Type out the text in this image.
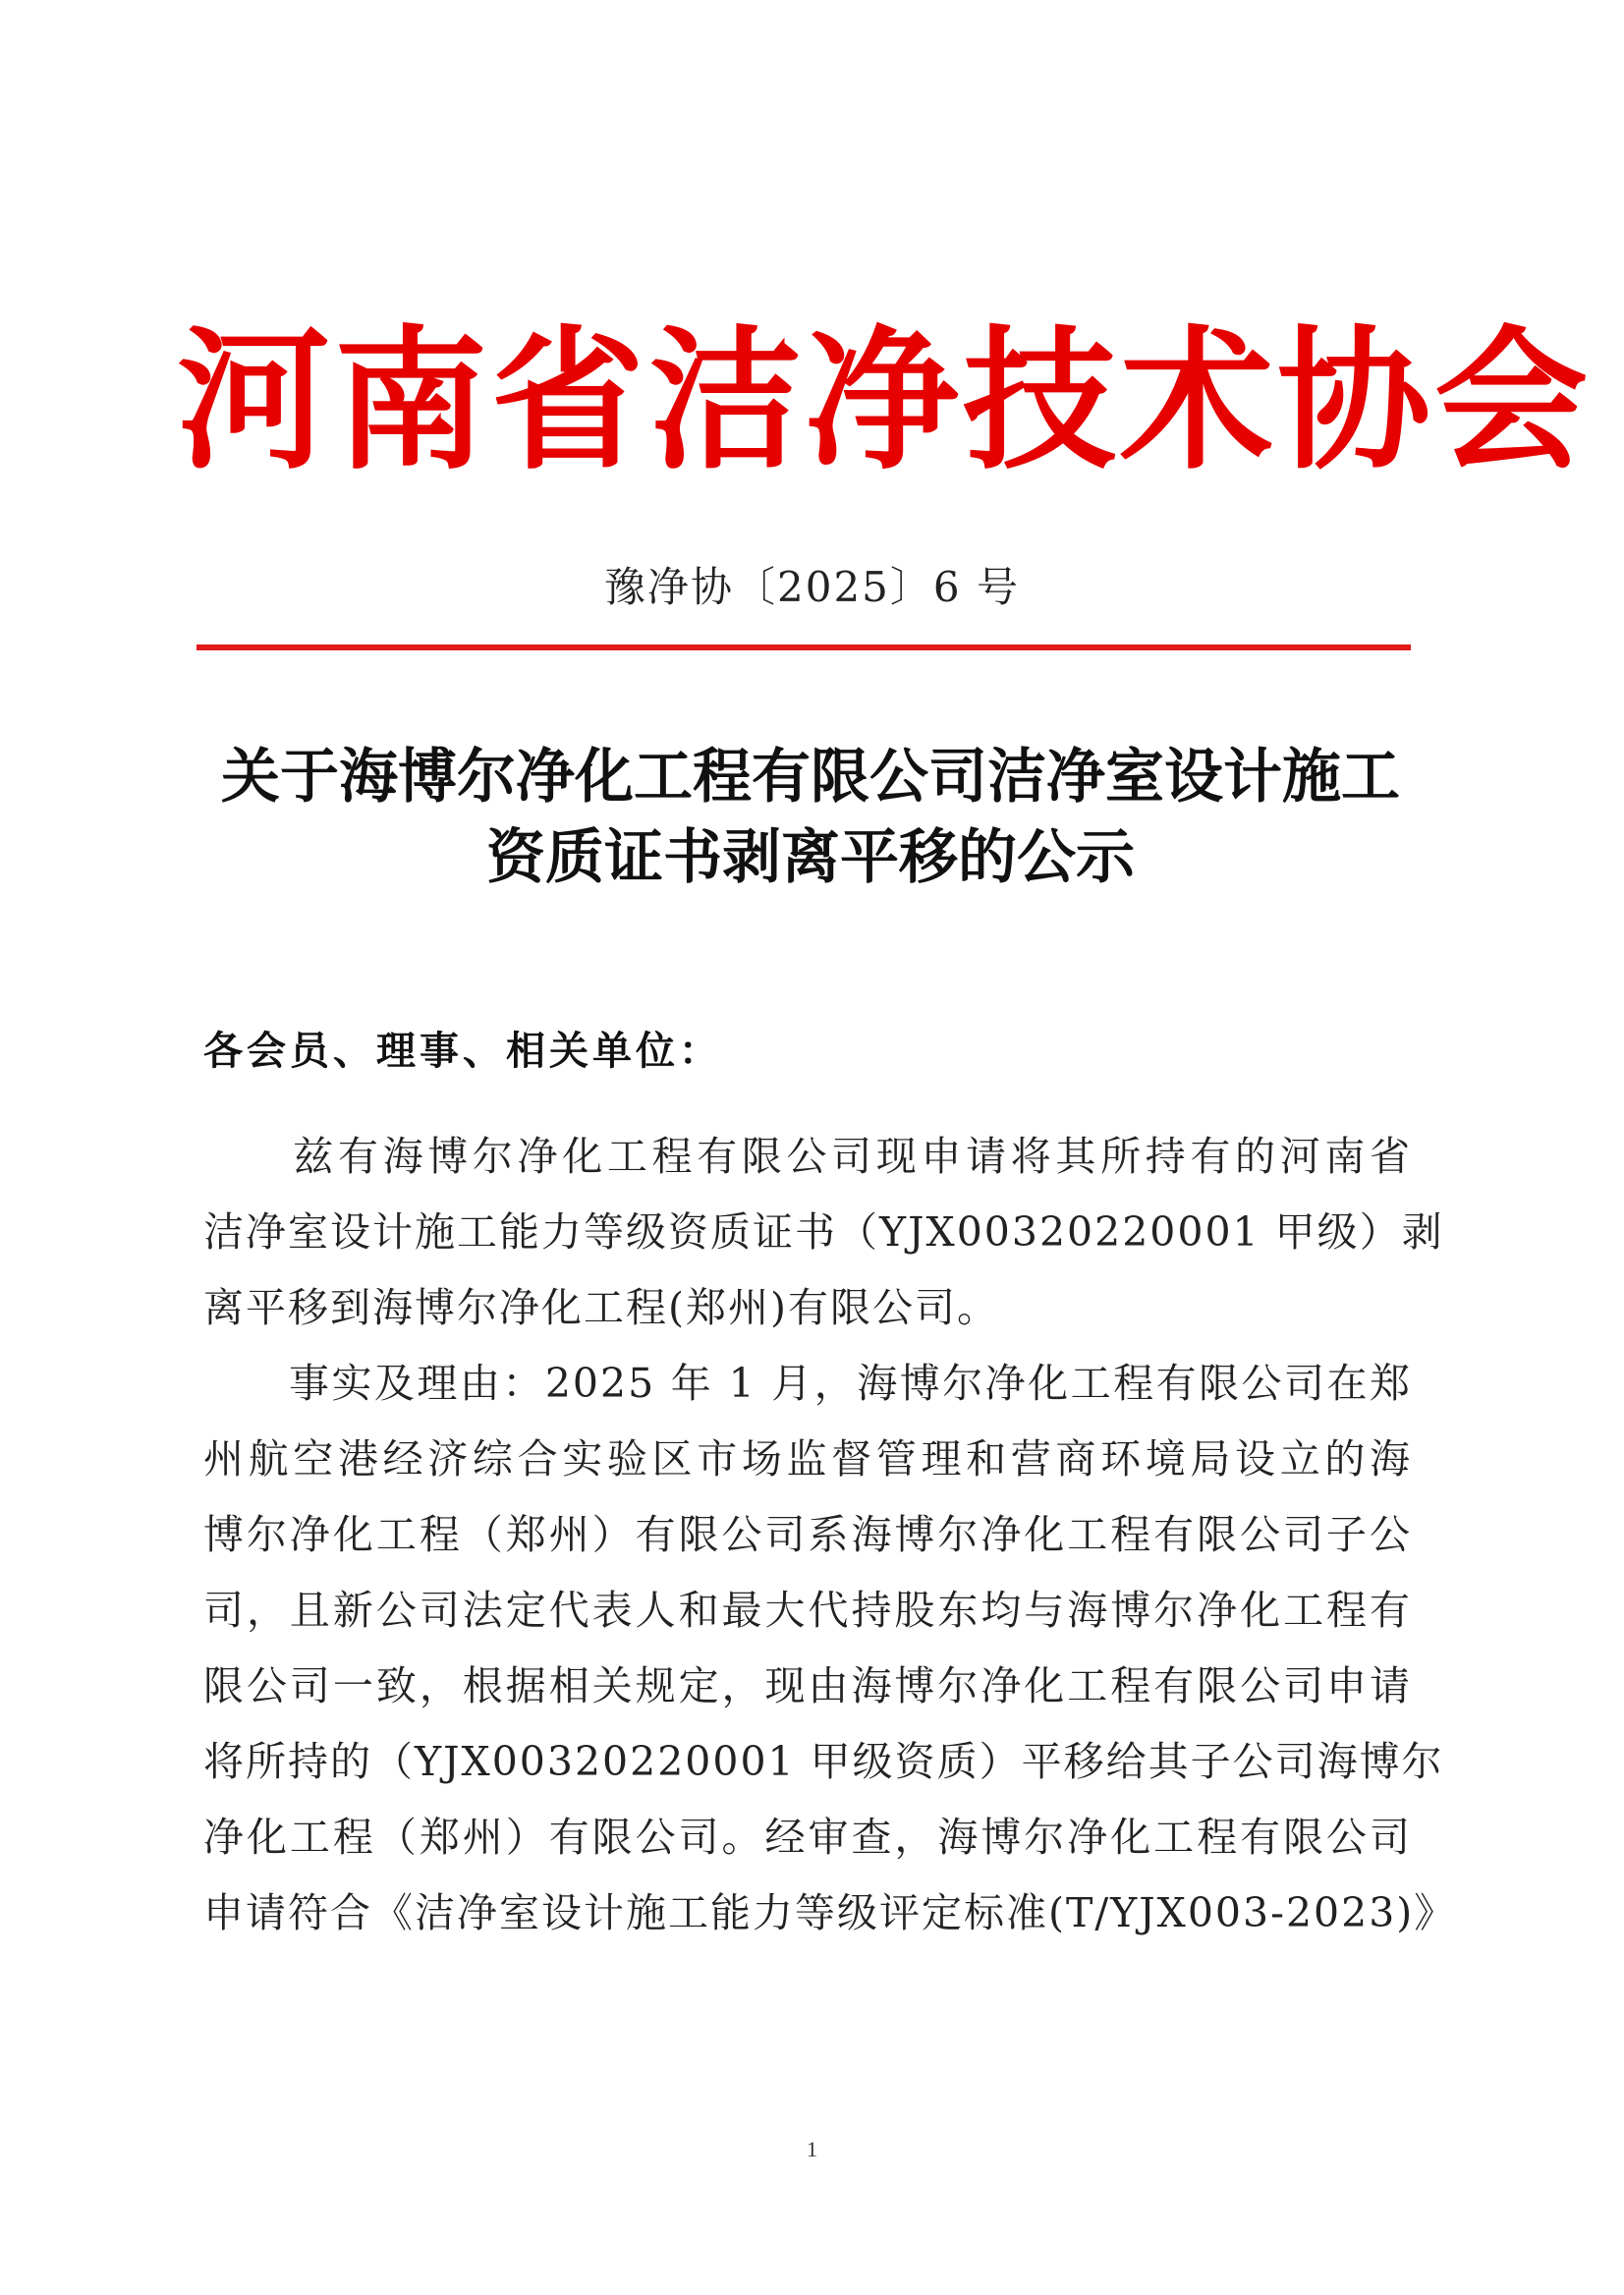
河南省洁净技术协会
豫净协〔2025〕6 号
关于海博尔净化工程有限公司洁净室设计施工
资质证书剥离平移的公示
各会员、理事、相关单位：
　　兹有海博尔净化工程有限公司现申请将其所持有的河南省
洁净室设计施工能力等级资质证书（YJX00320220001 甲级）剥
离平移到海博尔净化工程(郑州)有限公司。
　　事实及理由：2025 年 1 月，海博尔净化工程有限公司在郑
州航空港经济综合实验区市场监督管理和营商环境局设立的海
博尔净化工程（郑州）有限公司系海博尔净化工程有限公司子公
司，且新公司法定代表人和最大代持股东均与海博尔净化工程有
限公司一致，根据相关规定，现由海博尔净化工程有限公司申请
将所持的（YJX00320220001 甲级资质）平移给其子公司海博尔
净化工程（郑州）有限公司。经审查，海博尔净化工程有限公司
申请符合《洁净室设计施工能力等级评定标准(T/YJX003-2023)》
1
